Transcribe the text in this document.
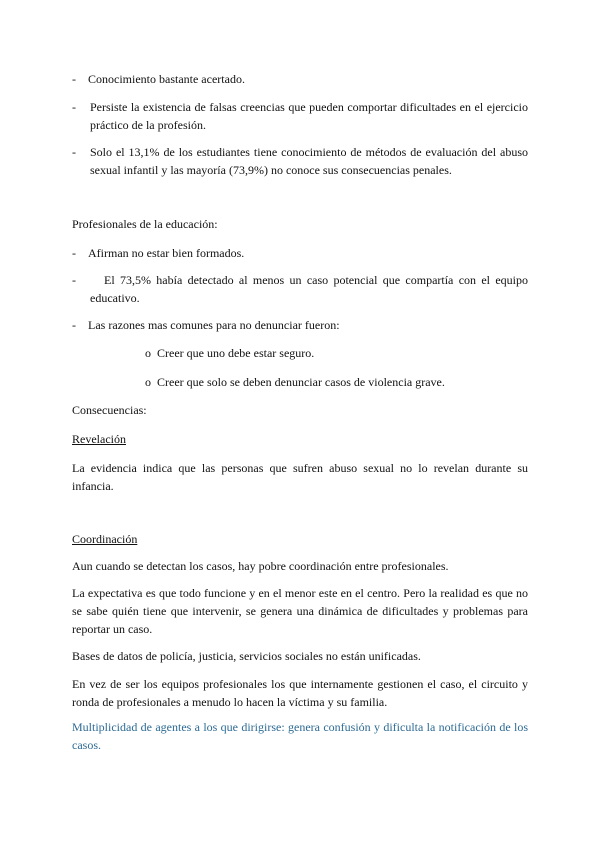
- Conocimiento bastante acertado.
- Persiste la existencia de falsas creencias que pueden comportar dificultades en el ejercicio práctico de la profesión.
- Solo el 13,1% de los estudiantes tiene conocimiento de métodos de evaluación del abuso sexual infantil y las mayoría (73,9%) no conoce sus consecuencias penales.
Profesionales de la educación:
- Afirman no estar bien formados.
-	El 73,5% había detectado al menos un caso potencial que compartía con el equipo educativo.
- Las razones mas comunes para no denunciar fueron:
o Creer que uno debe estar seguro.
o Creer que solo se deben denunciar casos de violencia grave.
Consecuencias:
Revelación
La evidencia indica que las personas que sufren abuso sexual no lo revelan durante su infancia.
Coordinación
Aun cuando se detectan los casos, hay pobre coordinación entre profesionales.
La expectativa es que todo funcione y en el menor este en el centro. Pero la realidad es que no se sabe quién tiene que intervenir, se genera una dinámica de dificultades y problemas para reportar un caso.
Bases de datos de policía, justicia, servicios sociales no están unificadas.
En vez de ser los equipos profesionales los que internamente gestionen el caso, el circuito y ronda de profesionales a menudo lo hacen la víctima y su familia.
Multiplicidad de agentes a los que dirigirse: genera confusión y dificulta la notificación de los casos.
